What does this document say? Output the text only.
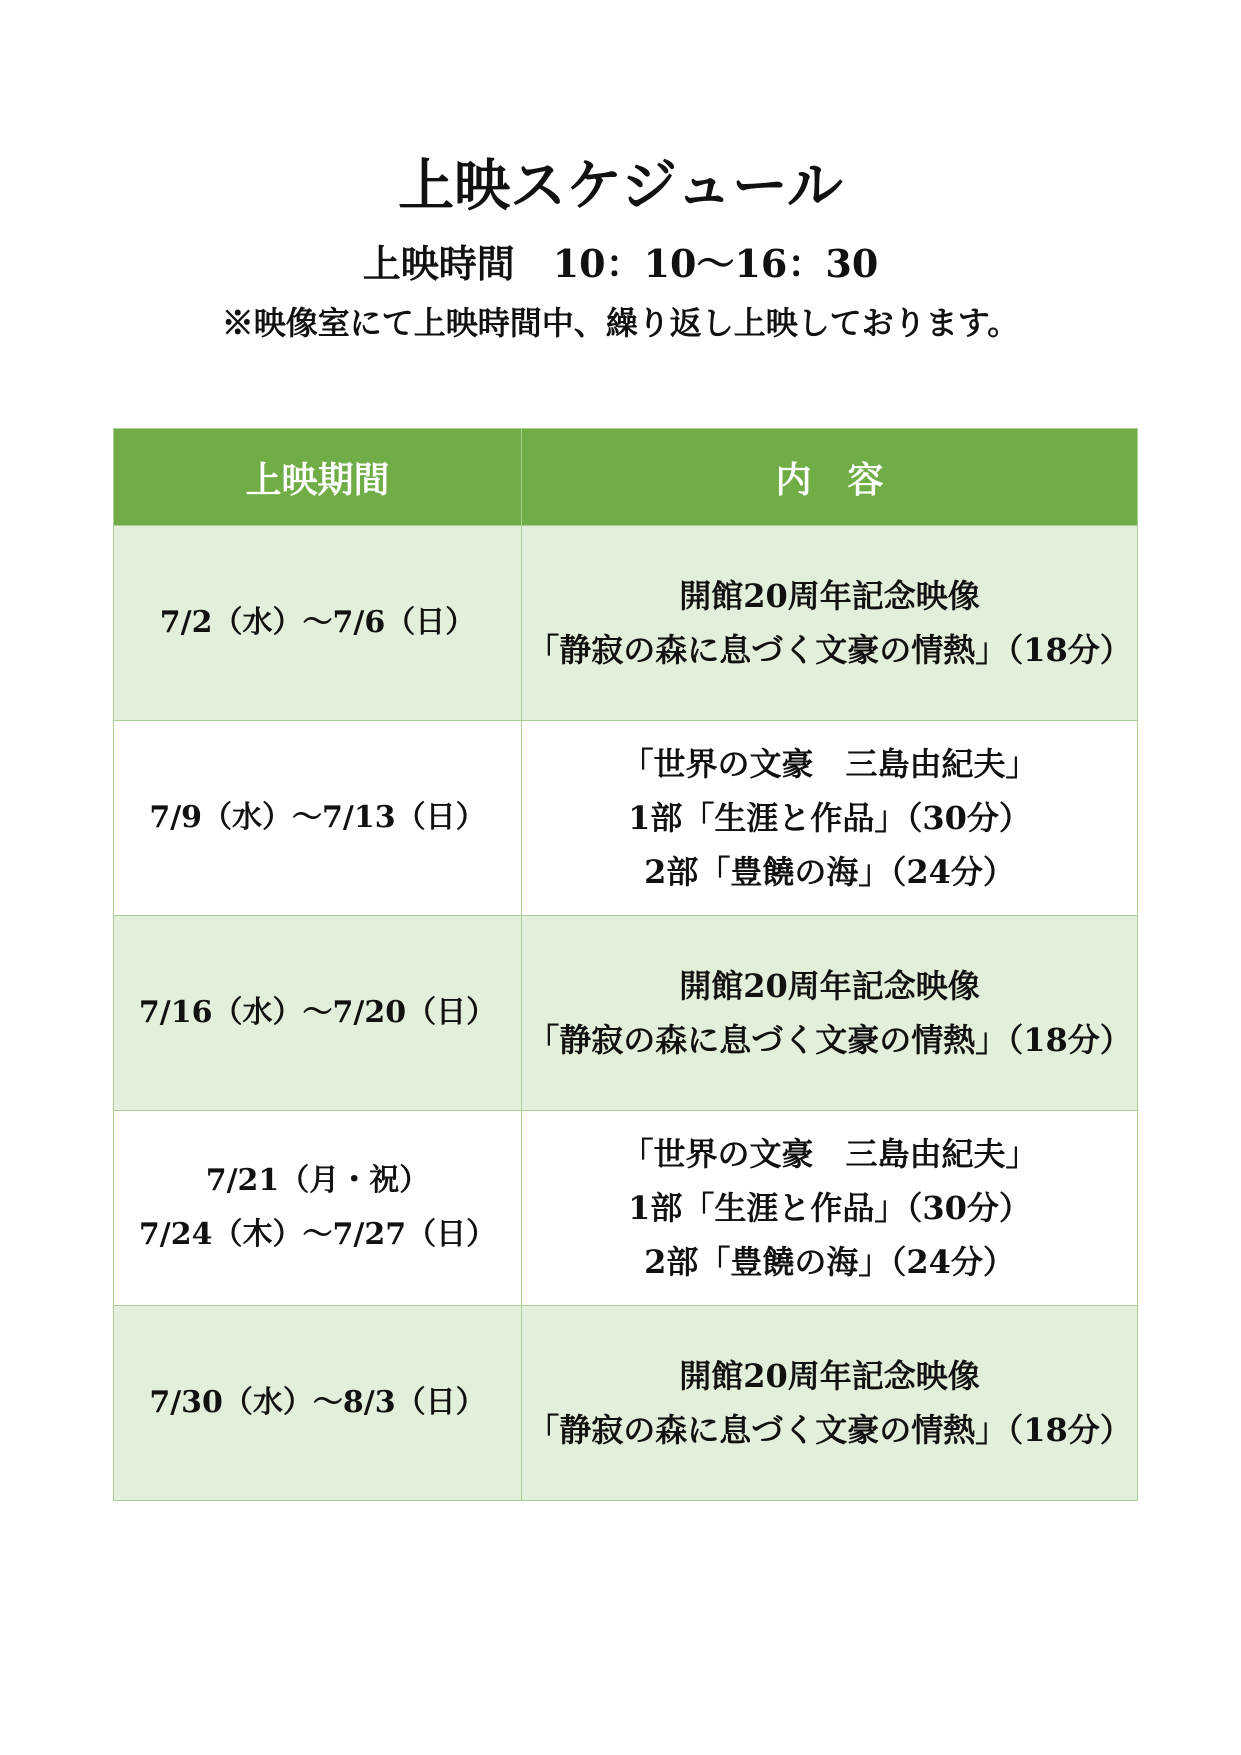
上映スケジュール
上映時間　10：10～16：30
※映像室にて上映時間中、繰り返し上映しております。
上映期間	内　容

7/2（水）～7/6（日）	開館20周年記念映像
「静寂の森に息づく文豪の情熱」（18分）

7/9（水）～7/13（日）	「世界の文豪　三島由紀夫」
1部「生涯と作品」（30分）
2部「豊饒の海」（24分）

7/16（水）～7/20（日）	開館20周年記念映像
「静寂の森に息づく文豪の情熱」（18分）

7/21（月・祝）
7/24（木）～7/27（日）	「世界の文豪　三島由紀夫」
1部「生涯と作品」（30分）
2部「豊饒の海」（24分）

7/30（水）～8/3（日）	開館20周年記念映像
「静寂の森に息づく文豪の情熱」（18分）
